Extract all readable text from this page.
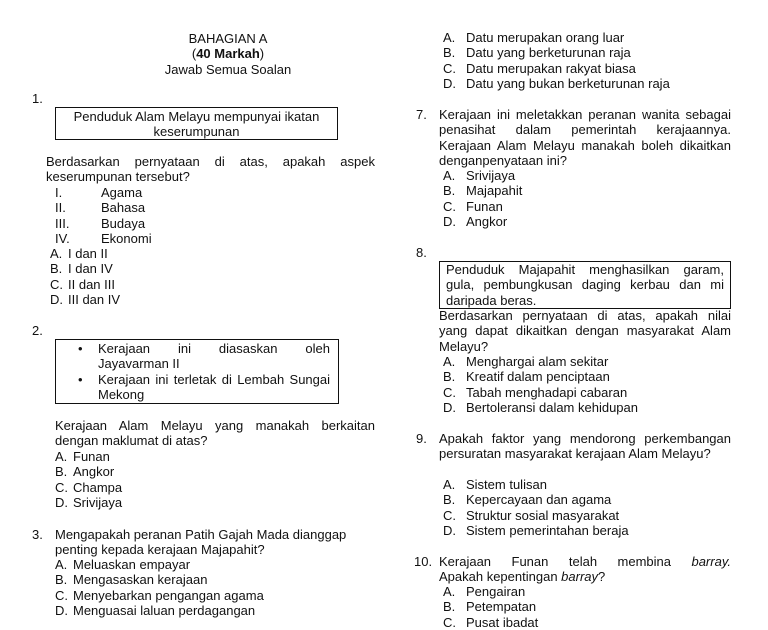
BAHAGIAN A
(40 Markah)
Jawab Semua Soalan
1.
Penduduk Alam Melayu mempunyai ikatan keserumpunan
Berdasarkan pernyataan di atas, apakah aspek keserumpunan tersebut?
I.	Agama
II.	Bahasa
III.	Budaya
IV.	Ekonomi
A. I dan II
B. I dan IV
C. II dan III
D. III dan IV
2.
• Kerajaan ini diasaskan oleh Jayavarman II
• Kerajaan ini terletak di Lembah Sungai Mekong
Kerajaan Alam Melayu yang manakah berkaitan dengan maklumat di atas?
A. Funan
B. Angkor
C. Champa
D. Srivijaya
3. Mengapakah peranan Patih Gajah Mada dianggap penting kepada kerajaan Majapahit?
A. Meluaskan empayar
B. Mengasaskan kerajaan
C. Menyebarkan pengangan agama
D. Menguasai laluan perdagangan
A. Datu merupakan orang luar
B. Datu yang berketurunan raja
C. Datu merupakan rakyat biasa
D. Datu yang bukan berketurunan raja
7. Kerajaan ini meletakkan peranan wanita sebagai penasihat dalam pemerintah kerajaannya. Kerajaan Alam Melayu manakah boleh dikaitkan denganpenyataan ini?
A. Srivijaya
B. Majapahit
C. Funan
D. Angkor
8.
Penduduk Majapahit menghasilkan garam, gula, pembungkusan daging kerbau dan mi daripada beras.
Berdasarkan pernyataan di atas, apakah nilai yang dapat dikaitkan dengan masyarakat Alam Melayu?
A. Menghargai alam sekitar
B. Kreatif dalam penciptaan
C. Tabah menghadapi cabaran
D. Bertoleransi dalam kehidupan
9. Apakah faktor yang mendorong perkembangan persuratan masyarakat kerajaan Alam Melayu?
A. Sistem tulisan
B. Kepercayaan dan agama
C. Struktur sosial masyarakat
D. Sistem pemerintahan beraja
10. Kerajaan Funan telah membina barray.
Apakah kepentingan barray?
A. Pengairan
B. Petempatan
C. Pusat ibadat
